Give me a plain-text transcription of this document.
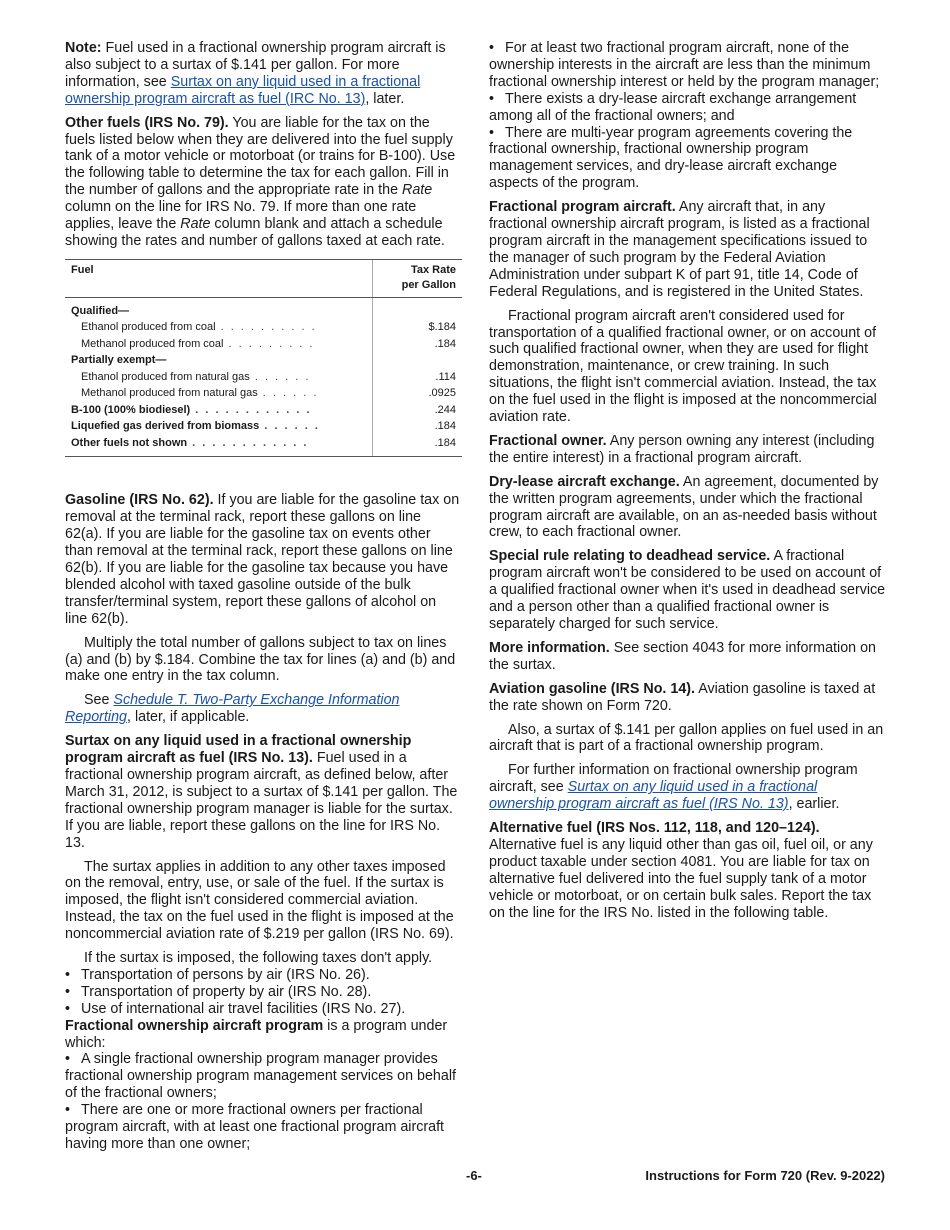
Note: Fuel used in a fractional ownership program aircraft is also subject to a surtax of $.141 per gallon. For more information, see Surtax on any liquid used in a fractional ownership program aircraft as fuel (IRC No. 13), later.

Other fuels (IRS No. 79). You are liable for the tax on the fuels listed below when they are delivered into the fuel supply tank of a motor vehicle or motorboat (or trains for B-100). Use the following table to determine the tax for each gallon. Fill in the number of gallons and the appropriate rate in the Rate column on the line for IRS No. 79. If more than one rate applies, leave the Rate column blank and attach a schedule showing the rates and number of gallons taxed at each rate.

Fuel	Tax Rate
per Gallon
Qualified—	
Ethanol produced from coal . . . . . . . . . .	$.184
Methanol produced from coal . . . . . . . . .	.184
Partially exempt—	
Ethanol produced from natural gas . . . . . .	.114
Methanol produced from natural gas . . . . . .	.0925
B-100 (100% biodiesel) . . . . . . . . . . . .	.244
Liquefied gas derived from biomass . . . . . .	.184
Other fuels not shown . . . . . . . . . . . .	.184

Gasoline (IRS No. 62). If you are liable for the gasoline tax on removal at the terminal rack, report these gallons on line 62(a). If you are liable for the gasoline tax on events other than removal at the terminal rack, report these gallons on line 62(b). If you are liable for the gasoline tax because you have blended alcohol with taxed gasoline outside of the bulk transfer/terminal system, report these gallons of alcohol on line 62(b).

Multiply the total number of gallons subject to tax on lines (a) and (b) by $.184. Combine the tax for lines (a) and (b) and make one entry in the tax column.

See Schedule T. Two-Party Exchange Information Reporting, later, if applicable.

Surtax on any liquid used in a fractional ownership program aircraft as fuel (IRS No. 13). Fuel used in a fractional ownership program aircraft, as defined below, after March 31, 2012, is subject to a surtax of $.141 per gallon. The fractional ownership program manager is liable for the surtax. If you are liable, report these gallons on the line for IRS No. 13.

The surtax applies in addition to any other taxes imposed on the removal, entry, use, or sale of the fuel. If the surtax is imposed, the flight isn't considered commercial aviation. Instead, the tax on the fuel used in the flight is imposed at the noncommercial aviation rate of $.219 per gallon (IRS No. 69).

If the surtax is imposed, the following taxes don't apply.

• Transportation of persons by air (IRS No. 26).
• Transportation of property by air (IRS No. 28).
• Use of international air travel facilities (IRS No. 27).

Fractional ownership aircraft program is a program under which:

• A single fractional ownership program manager provides fractional ownership program management services on behalf of the fractional owners;
• There are one or more fractional owners per fractional program aircraft, with at least one fractional program aircraft having more than one owner;
• For at least two fractional program aircraft, none of the ownership interests in the aircraft are less than the minimum fractional ownership interest or held by the program manager;
• There exists a dry-lease aircraft exchange arrangement among all of the fractional owners; and
• There are multi-year program agreements covering the fractional ownership, fractional ownership program management services, and dry-lease aircraft exchange aspects of the program.

Fractional program aircraft. Any aircraft that, in any fractional ownership aircraft program, is listed as a fractional program aircraft in the management specifications issued to the manager of such program by the Federal Aviation Administration under subpart K of part 91, title 14, Code of Federal Regulations, and is registered in the United States.

Fractional program aircraft aren't considered used for transportation of a qualified fractional owner, or on account of such qualified fractional owner, when they are used for flight demonstration, maintenance, or crew training. In such situations, the flight isn't commercial aviation. Instead, the tax on the fuel used in the flight is imposed at the noncommercial aviation rate.

Fractional owner. Any person owning any interest (including the entire interest) in a fractional program aircraft.

Dry-lease aircraft exchange. An agreement, documented by the written program agreements, under which the fractional program aircraft are available, on an as-needed basis without crew, to each fractional owner.

Special rule relating to deadhead service. A fractional program aircraft won't be considered to be used on account of a qualified fractional owner when it's used in deadhead service and a person other than a qualified fractional owner is separately charged for such service.

More information. See section 4043 for more information on the surtax.

Aviation gasoline (IRS No. 14). Aviation gasoline is taxed at the rate shown on Form 720.

Also, a surtax of $.141 per gallon applies on fuel used in an aircraft that is part of a fractional ownership program.

For further information on fractional ownership program aircraft, see Surtax on any liquid used in a fractional ownership program aircraft as fuel (IRS No. 13), earlier.

Alternative fuel (IRS Nos. 112, 118, and 120–124).
Alternative fuel is any liquid other than gas oil, fuel oil, or any product taxable under section 4081. You are liable for tax on alternative fuel delivered into the fuel supply tank of a motor vehicle or motorboat, or on certain bulk sales. Report the tax on the line for the IRS No. listed in the following table.

-6-	Instructions for Form 720 (Rev. 9-2022)
